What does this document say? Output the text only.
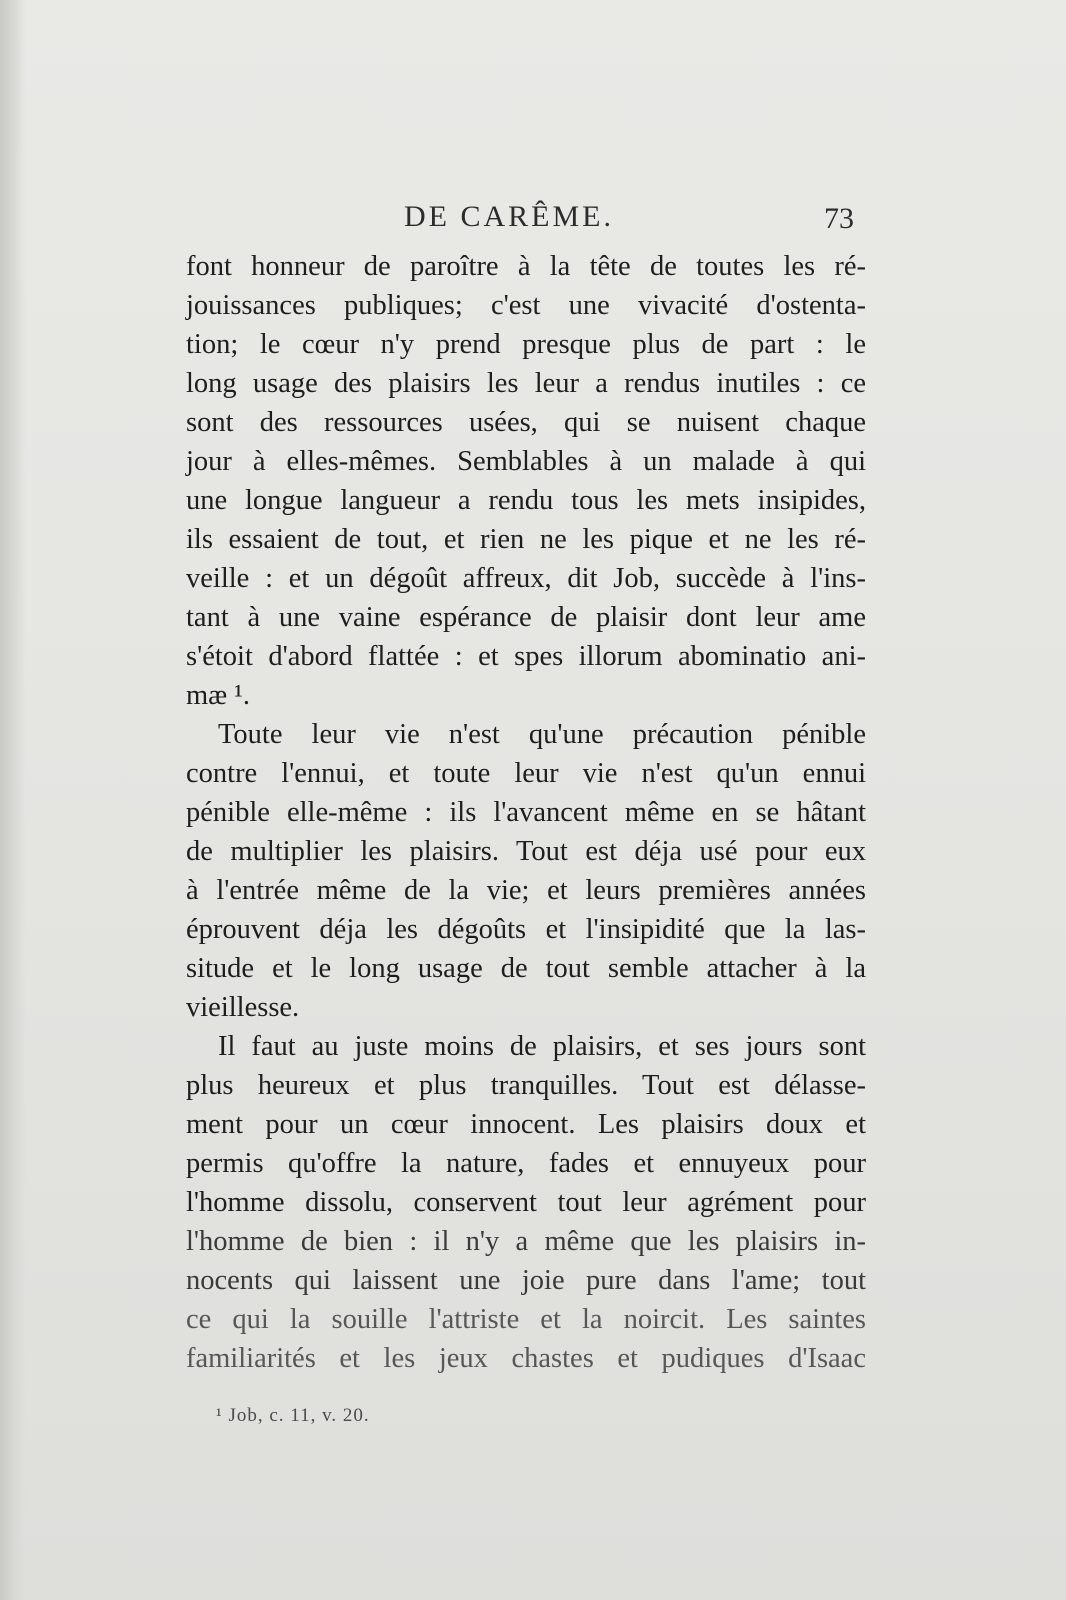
DE CARÊME.	73
font honneur de paroître à la tête de toutes les ré-
jouissances publiques; c'est une vivacité d'ostenta-
tion; le cœur n'y prend presque plus de part : le
long usage des plaisirs les leur a rendus inutiles : ce
sont des ressources usées, qui se nuisent chaque
jour à elles-mêmes. Semblables à un malade à qui
une longue langueur a rendu tous les mets insipides,
ils essaient de tout, et rien ne les pique et ne les ré-
veille : et un dégoût affreux, dit Job, succède à l'ins-
tant à une vaine espérance de plaisir dont leur ame
s'étoit d'abord flattée : et spes illorum abominatio ani-
mæ ¹.
Toute leur vie n'est qu'une précaution pénible
contre l'ennui, et toute leur vie n'est qu'un ennui
pénible elle-même : ils l'avancent même en se hâtant
de multiplier les plaisirs. Tout est déja usé pour eux
à l'entrée même de la vie; et leurs premières années
éprouvent déja les dégoûts et l'insipidité que la las-
situde et le long usage de tout semble attacher à la
vieillesse.
Il faut au juste moins de plaisirs, et ses jours sont
plus heureux et plus tranquilles. Tout est délasse-
ment pour un cœur innocent. Les plaisirs doux et
permis qu'offre la nature, fades et ennuyeux pour
l'homme dissolu, conservent tout leur agrément pour
l'homme de bien : il n'y a même que les plaisirs in-
nocents qui laissent une joie pure dans l'ame; tout
ce qui la souille l'attriste et la noircit. Les saintes
familiarités et les jeux chastes et pudiques d'Isaac
¹ Job, c. 11, v. 20.
